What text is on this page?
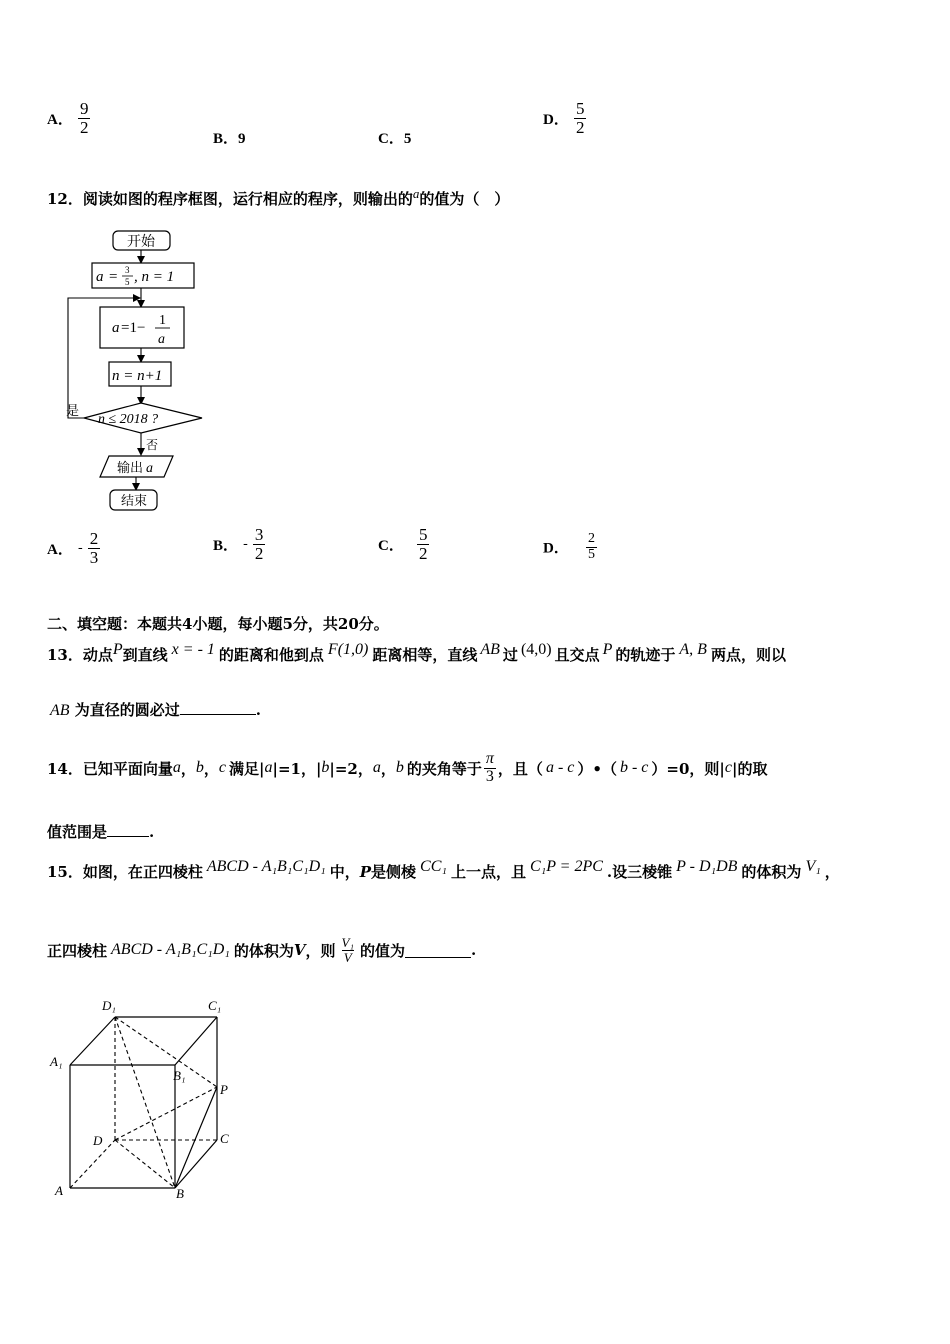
A． $\frac{9}{2}$
B．9	C．5
D． $\frac{5}{2}$
12．阅读如图的程序框图，运行相应的程序，则输出的$^a$的值为（　）
开始
a = 3
5 , n = 1
a =1− 1
a
n = n+1
是
n ≤ 2018 ?
否
输出 a
结束
A． - $\frac{2}{3}$	B． - $\frac{3}{2}$	C． $\frac{5}{2}$	D． $\frac{2}{5}$
二、填空题：本题共4小题，每小题5分，共20分。
13．动点$^P$到直线 $^{x = - 1}$ 的距离和他到点 $^{F(1,0)}$ 距离相等，直线 $^{AB}$ 过 $^{(4,0)}$ 且交点 $^P$ 的轨迹于 $^{A, B}$ 两点，则以
AB 为直径的圆必过	.
14．已知平面向量 a ， b ， c 满足| a |=1，| b |=2， a ， b 的夹角等于 $\frac{\pi}{3}$ ，且（ a - c ）•（ b - c ）=0，则| c |的取
值范围是	.
15．如图，在正四棱柱 $^{ABCD - A_1B_1C_1D_1}$ 中，P是侧棱 $^{CC_1}$ 上一点，且 $^{C_1P = 2PC}$ .设三棱锥 $^{P - D_1DB}$ 的体积为 $^{V_1}$ ，
正四棱柱 ABCD - A₁B₁C₁D₁ 的体积为 V ，则 $\frac{\text{V₁}}{V}$ 的值为	.
D₁	C₁
A₁
B₁
P
D	C
A	B
